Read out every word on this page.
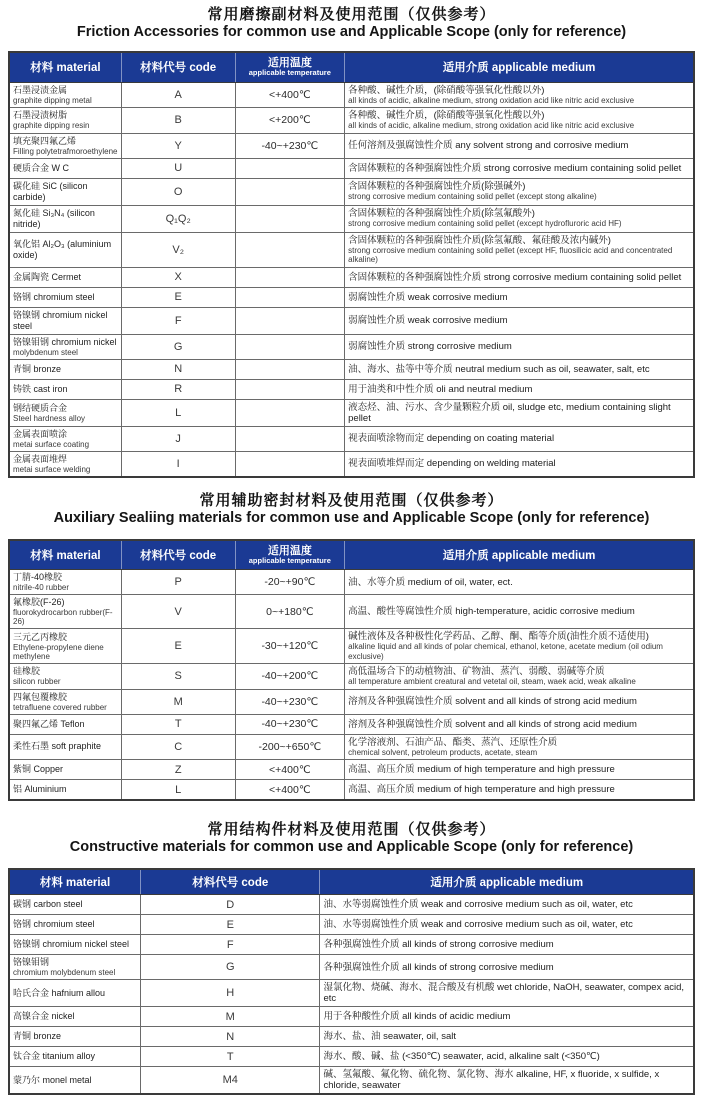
常用磨擦副材料及使用范围（仅供参考）
Friction Accessories for common use and Applicable Scope (only for reference)
材料 material	材料代号 code	适用温度
applicable temperature	适用介质 applicable medium

石墨浸渍金属
graphite dipping metal	A	<+400℃	各种酸、碱性介质，(除硝酸等强氧化性酸以外)
all kinds of acidic, alkaline medium, strong oxidation acid like nitric acid exclusive

石墨浸渍树脂
graphite dipping resin	B	<+200℃	各种酸、碱性介质，(除硝酸等强氧化性酸以外)
all kinds of acidic, alkaline medium, strong oxidation acid like nitric acid exclusive

填充聚四氟乙烯
Filling polytetrafmoroethylene	Y	-40~+230℃	任何溶剂及强腐蚀性介质 any solvent strong and corrosive medium

硬质合金 W C	U		含固体颗粒的各种强腐蚀性介质 strong corrosive medium containing solid pellet

碳化硅 SiC (silicon carbide)	O		含固体颗粒的各种强腐蚀性介质(除强碱外)
strong corrosive medium containing solid pellet (except stong alkaline)

氮化硅 Si₃N₄ (silicon nitride)	Q₁Q₂		含固体颗粒的各种强腐蚀性介质(除氢氟酸外)
strong corrosive medium containing solid pellet (except hydrofluroric acid HF)

氧化铝 Al₂O₃ (aluminium oxide)	V₂		含固体颗粒的各种强腐蚀性介质(除氢氟酸、氟硅酸及浓内碱外)
strong corrosive medium containing solid pellet (except HF, fluosilicic acid and concentrated alkaline)

金属陶瓷 Cermet	X		含固体颗粒的各种强腐蚀性介质 strong corrosive medium containing solid pellet

铬钢 chromium steel	E		弱腐蚀性介质 weak corrosive medium

铬镍钢 chromium nickel steel	F		弱腐蚀性介质 weak corrosive medium

铬镍钼钢 chromium nickel
molybdenum steel	G		弱腐蚀性介质 strong corrosive medium

青铜 bronze	N		油、海水、盐等中等介质 neutral medium such as oil, seawater, salt, etc

铸铁 cast iron	R		用于油类和中性介质 oli and neutral medium

钢结硬质合金
Steel hardness alloy	L		液态烃、油、污水、含少量颗粒介质 oil, sludge etc, medium containing slight pellet

金属表面喷涂
metai surface coating	J		视表面喷涂物而定 depending on coating material

金属表面堆焊
metai surface welding	I		视表面喷堆焊而定 depending on welding material
常用辅助密封材料及使用范围（仅供参考）
Auxiliary Sealiing materials for common use and Applicable Scope (only for reference)
材料 material	材料代号 code	适用温度
applicable temperature	适用介质 applicable medium

丁腈-40橡胶
nitrile-40 rubber	P	-20~+90℃	油、水等介质 medium of oil, water, ect.

氟橡胶(F-26)
fluorokydrocarbon rubber(F-26)	V	0~+180℃	高温、酸性等腐蚀性介质 high-temperature, acidic corrosive medium

三元乙丙橡胶
Ethylene-propylene diene methylene
	E	-30~+120℃	
碱性液体及各种极性化学药品、乙醇、酮、酯等介质(油性介质不适使用)
alkaline liquid and all kinds of polar chemical, ethanol, ketone, acetate medium (oil odium exclusive)

硅橡胶
silicon rubber	S	-40~+200℃	高低温场合下的动植物油、矿物油、蒸汽、弱酸、弱碱等介质
all temperature ambient creatural and vetetal oil, steam, waek acid, weak alkaline

四氟包覆橡胶
tetrafluene covered rubber	M	-40~+230℃	溶剂及各种强腐蚀性介质 solvent and all kinds of strong acid medium

聚四氟乙烯 Teflon	T	-40~+230℃	溶剂及各种强腐蚀性介质 solvent and all kinds of strong acid medium

柔性石墨 soft praphite	C	-200~+650℃	化学溶液剂、石油产品、酯类、蒸汽、还原性介质
chemical solvent, petroleum products, acetate, steam

紫铜 Copper	Z	<+400℃	高温、高压介质 medium of high temperature and high pressure

铝 Aluminium	L	<+400℃	高温、高压介质 medium of high temperature and high pressure
常用结构件材料及使用范围（仅供参考）
Constructive materials for common use and Applicable Scope (only for reference)
材料 material	材料代号 code	适用介质 applicable medium

碳钢 carbon steel	D	油、水等弱腐蚀性介质 weak and corrosive medium such as oil, water, etc

铬钢 chromium steel	E	油、水等弱腐蚀性介质 weak and corrosive medium such as oil, water, etc

铬镍钢 chromium nickel steel	F	各种强腐蚀性介质 all kinds of strong corrosive medium

铬镍钼钢
chromium molybdenum steel	G	各种强腐蚀性介质 all kinds of strong corrosive medium

哈氏合金 hafnium allou	H	湿氯化物、烧碱、海水、混合酸及有机酸 wet chloride, NaOH, seawater, compex acid, etc

高镍合金 nickel	M	用于各种酸性介质 all kinds of acidic medium

青铜 bronze	N	海水、盐、油 seawater, oil, salt

钛合金 titanium alloy	T	海水、酸、碱、盐 (<350℃) seawater, acid, alkaline salt (<350℃)

蒙乃尔 monel metal	M4	碱、氢氟酸、氟化物、硫化物、氯化物、海水 alkaline, HF, x fluoride, x sulfide, x chloride, seawater
